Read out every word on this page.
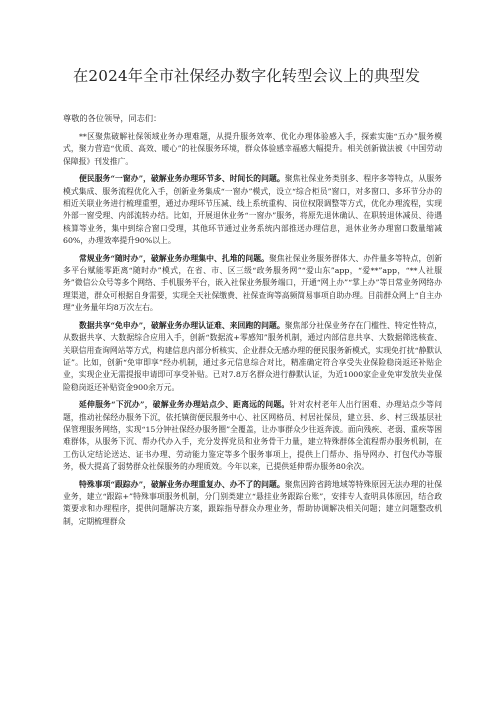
在2024年全市社保经办数字化转型会议上的典型发

尊敬的各位领导，同志们：

**区聚焦破解社保领域业务办理难题，从提升服务效率、优化办理体验感入手，探索实施“五办”服务模式，聚力营造“优质、高效、暖心”的社保服务环境，群众体验感幸福感大幅提升。相关创新做法被《中国劳动保障报》刊发推广。

便民服务“一窗办”，破解业务办理环节多、时间长的问题。聚焦社保业务类别多、程序多等特点，从服务模式集成、服务流程优化入手，创新业务集成“一窗办”模式，设立“综合柜员”窗口，对多窗口、多环节分办的相近关联业务进行梳理重塑，通过办理环节压减、线上系统重构、岗位权限调整等方式，优化办理流程，实现外部一窗受理、内部流转办结。比如，开展退休业务“一窗办”服务，将原先退休确认、在职转退休减员、待遇核算等业务，集中到综合窗口受理，其他环节通过业务系统内部推送办理信息，退休业务办理窗口数量缩减60%，办理效率提升90%以上。

常规业务“随时办”，破解业务办理集中、扎堆的问题。聚焦社保业务服务群体大、办件量多等特点，创新多平台赋能零距离“随时办”模式，在省、市、区三级“政务服务网”“爱山东”app，“爱**”app，“**人社服务”微信公众号等多个网络、手机服务平台，嵌入社保业务服务端口，开通“网上办”“掌上办”等日常业务网络办理渠道，群众可根据自身需要，实现全天社保缴费、社保查询等高频简易事项自助办理。目前群众网上“自主办理”业务量年均8万次左右。

数据共享“免申办”，破解业务办理认证难、来回跑的问题。聚焦部分社保业务存在门槛性、特定性特点，从数据共享、大数据综合应用入手，创新“数据流+零感知”服务机制，通过内部信息共享、大数据筛选核查、关联信用查询网站等方式，构建信息内部分析核实、企业群众无感办理的便民服务新模式，实现免打扰“静默认证”。比如，创新“免审即享”经办机制，通过多元信息综合对比，精准确定符合享受失业保险稳岗返还补贴企业，实现企业无需提报申请即可享受补贴。已对7.8万名群众进行静默认证，为近1000家企业免审发放失业保险稳岗返还补贴资金900余万元。

延伸服务“下沉办”，破解业务办理站点少、距离远的问题。针对农村老年人出行困难、办理站点少等问题，推动社保经办服务下沉，依托镇街便民服务中心、社区网格员、村居社保员，建立县、乡、村三级基层社保管理服务网络，实现“15分钟社保经办服务圈”全覆盖，让办事群众少往返奔波。面向残疾、老弱、重疾等困难群体，从服务下沉、帮办代办入手，充分发挥党员和业务骨干力量，建立特殊群体全流程帮办服务机制，在工伤认定结论送达、证书办理、劳动能力鉴定等多个服务事项上，提供上门帮办、指导网办、打包代办等服务，极大提高了弱势群众社保服务的办理质效。今年以来，已提供延伸帮办服务80余次。

特殊事项“跟踪办”，破解业务办理重复办、办不了的问题。聚焦因跨省跨地域等特殊原因无法办理的社保业务，建立“跟踪+”特殊事项服务机制，分门别类建立“悬挂业务跟踪台账”，安排专人查明具体原因，结合政策要求和办理程序，提供问题解决方案，跟踪指导群众办理业务，帮助协调解决相关问题；建立问题整改机制，定期梳理群众
